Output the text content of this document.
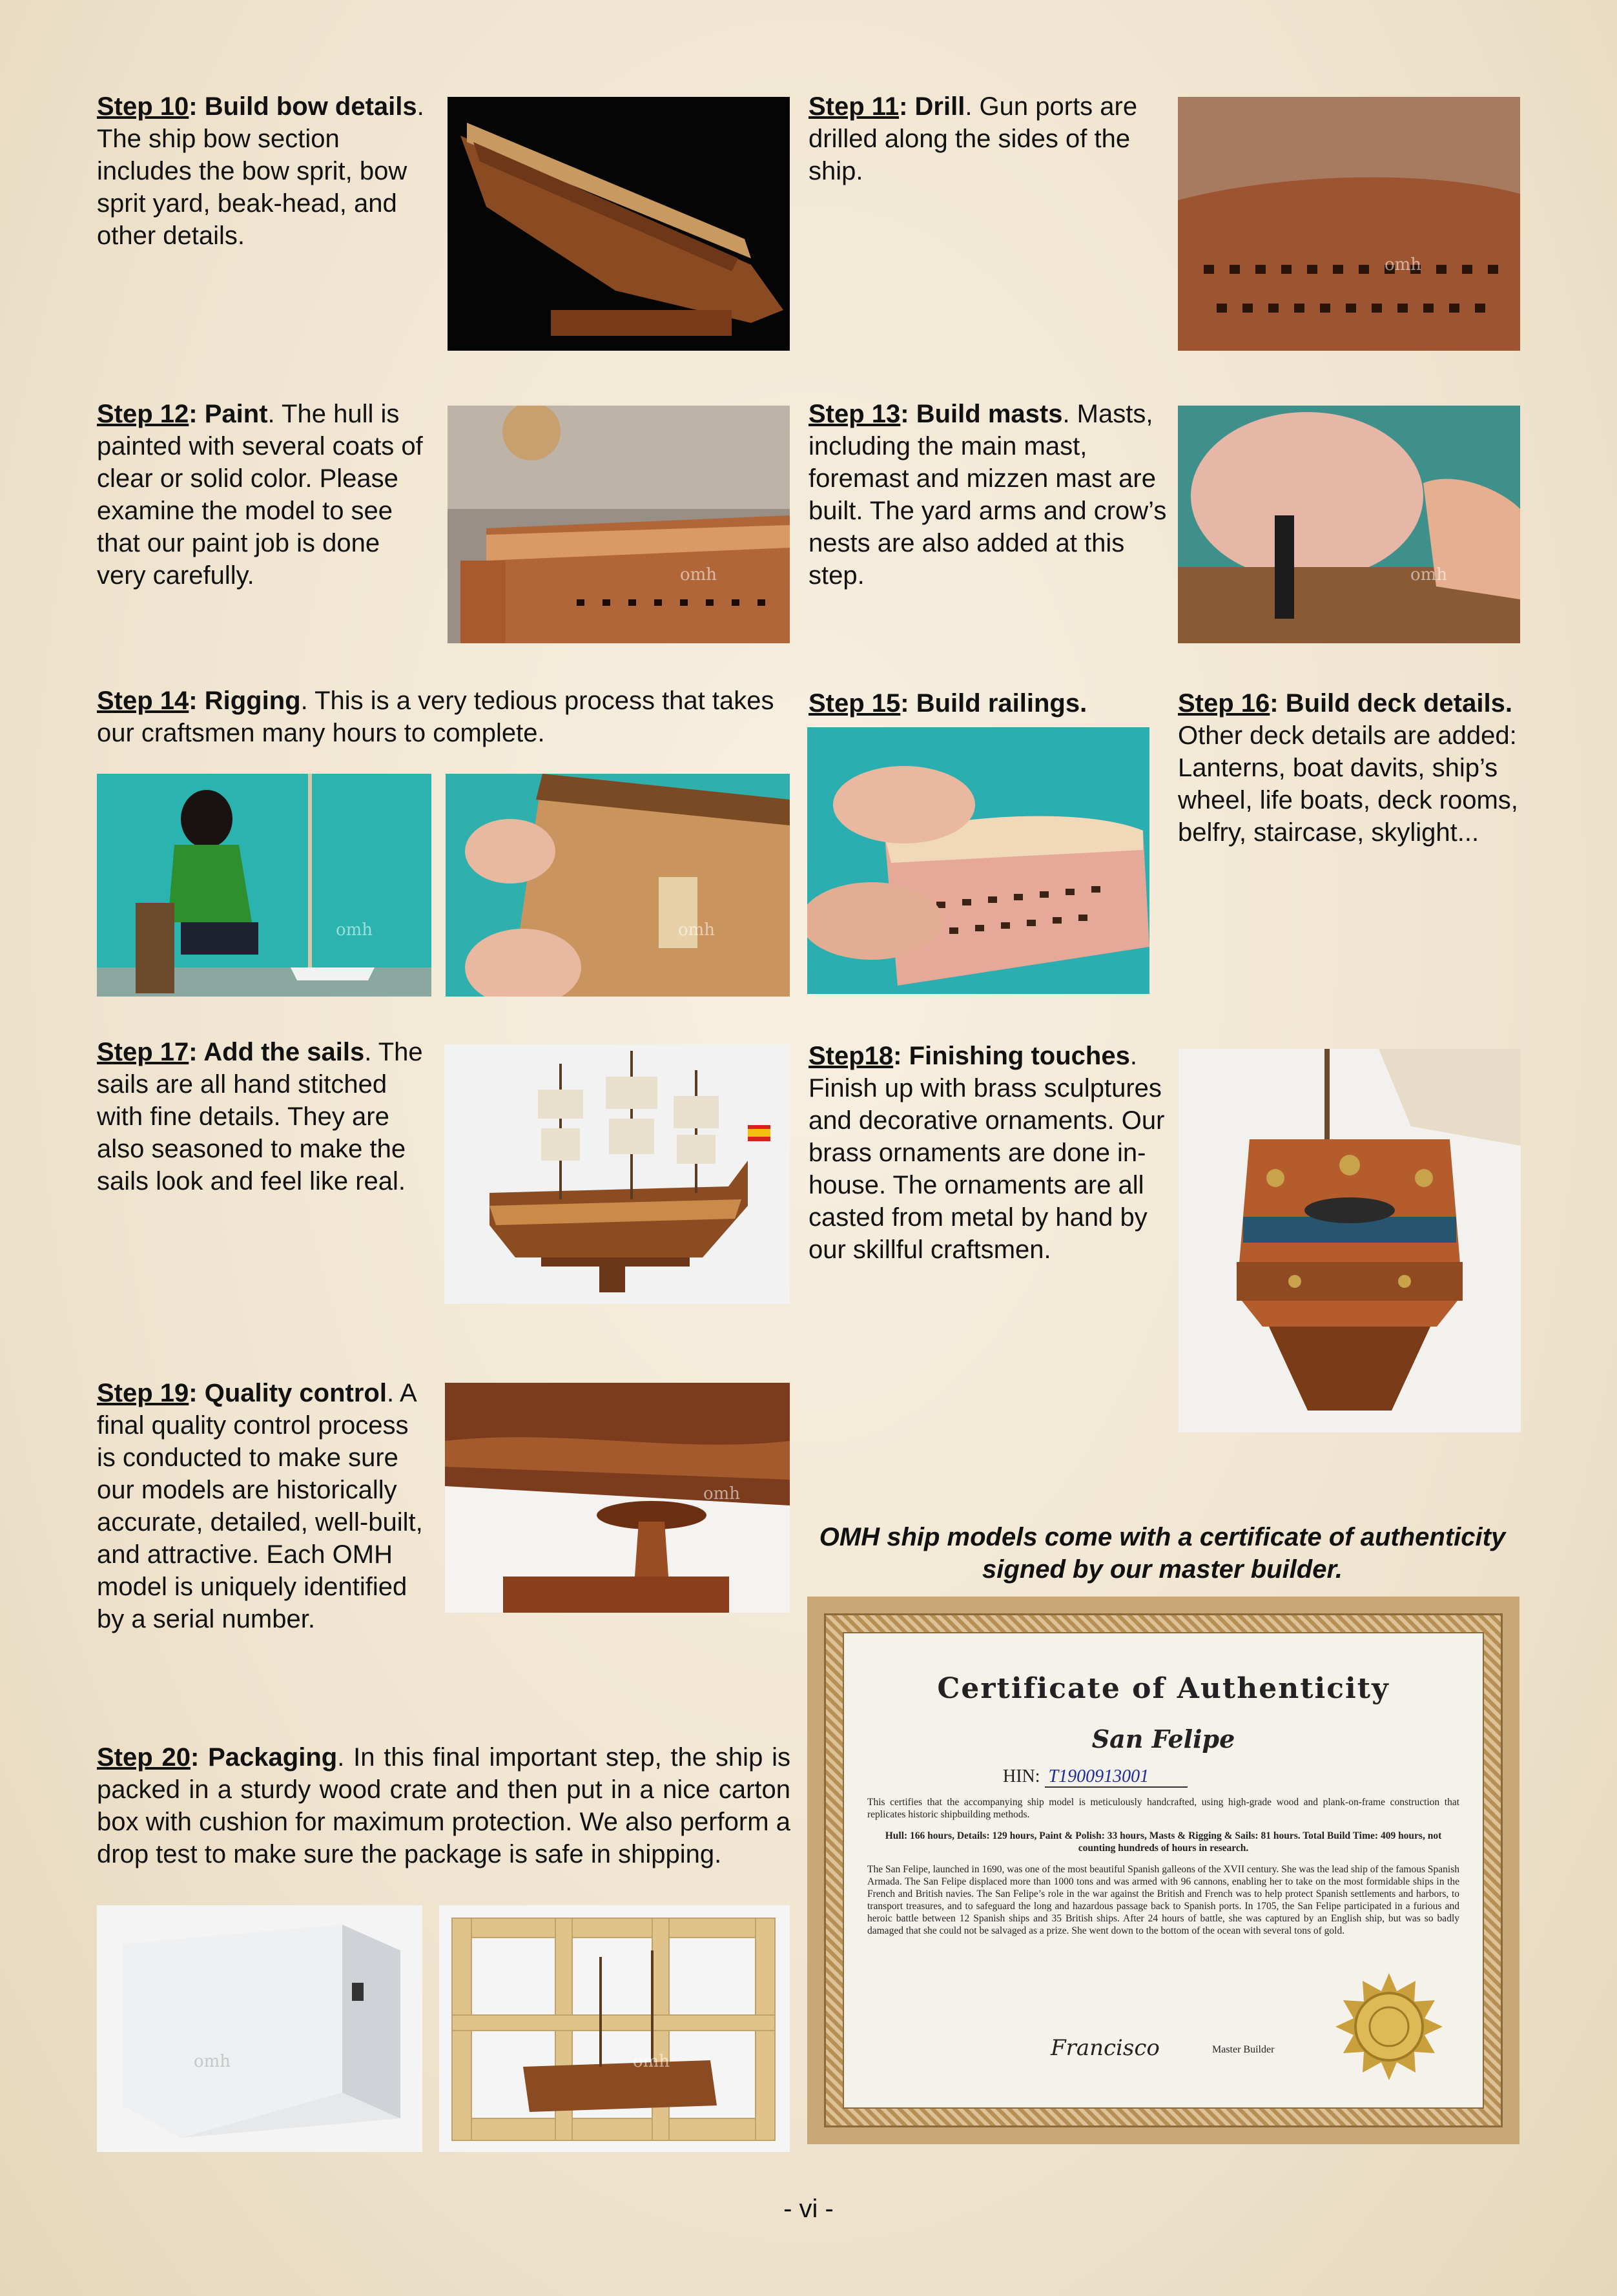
Step 10: Build bow details. The ship bow section includes the bow sprit, bow sprit yard, beak-head, and other details.

Step 11: Drill. Gun ports are drilled along the sides of the ship.

omh

Step 12: Paint. The hull is painted with several coats of clear or solid color. Please examine the model to see that our paint job is done very carefully.	omh

Step 13: Build masts. Masts, including the main mast, foremast and mizzen mast are built. The yard arms and crow’s nests are also added at this step.	omh

Step 14: Rigging. This is a very tedious process that takes our craftsmen many hours to complete.

omh	omh

Step 15: Build railings.	Step 16: Build deck details. Other deck details are added: Lanterns, boat davits, ship’s wheel, life boats, deck rooms, belfry, staircase, skylight...

Step 17: Add the sails. The sails are all hand stitched with fine details. They are also seasoned to make the sails look and feel like real.

Step18: Finishing touches. Finish up with brass sculptures and decorative ornaments. Our brass ornaments are done in-house. The ornaments are all casted from metal by hand by our skillful craftsmen.

Step 19: Quality control. A final quality control process is conducted to make sure our models are historically accurate, detailed, well-built, and attractive. Each OMH model is uniquely identified by a serial number.

omh
OMH ship models come with a certificate of authenticity signed by our master builder.
Certificate of Authenticity
San Felipe
HIN: T1900913001

This certifies that the accompanying ship model is meticulously handcrafted, using high-grade wood and plank-on-frame construction that replicates historic shipbuilding methods.

Hull: 166 hours, Details: 129 hours, Paint & Polish: 33 hours, Masts & Rigging & Sails: 81 hours. Total Build Time: 409 hours, not counting hundreds of hours in research.

The San Felipe, launched in 1690, was one of the most beautiful Spanish galleons of the XVII century. She was the lead ship of the famous Spanish Armada. The San Felipe displaced more than 1000 tons and was armed with 96 cannons, enabling her to take on the most formidable ships in the French and British navies. The San Felipe’s role in the war against the British and French was to help protect Spanish settlements and harbors, to transport treasures, and to safeguard the long and hazardous passage back to Spanish ports. In 1705, the San Felipe participated in a furious and heroic battle between 12 Spanish ships and 35 British ships. After 24 hours of battle, she was captured by an English ship, but was so badly damaged that she could not be salvaged as a prize. She went down to the bottom of the ocean with several tons of gold.

Francisco	Master Builder

Step 20: Packaging. In this final important step, the ship is packed in a sturdy wood crate and then put in a nice carton box with cushion for maximum protection. We also perform a drop test to make sure the package is safe in shipping.

omh	omh
- vi -
